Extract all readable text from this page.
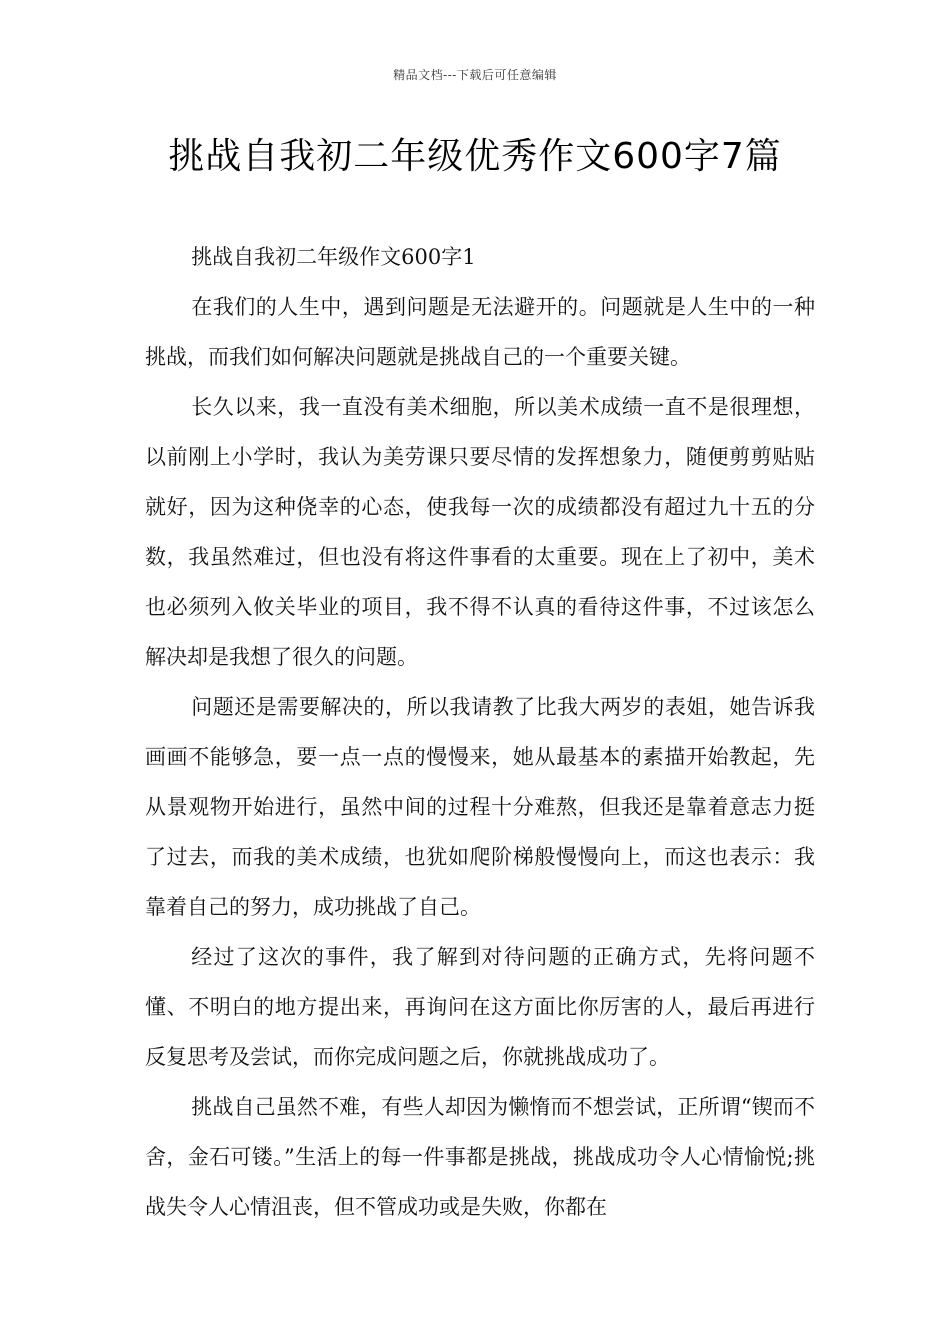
精品文档---下载后可任意编辑
挑战自我初二年级优秀作文600字7篇

挑战自我初二年级作文600字1

在我们的人生中，遇到问题是无法避开的。问题就是人生中的一种挑战，而我们如何解决问题就是挑战自己的一个重要关键。

长久以来，我一直没有美术细胞，所以美术成绩一直不是很理想，以前刚上小学时，我认为美劳课只要尽情的发挥想象力，随便剪剪贴贴就好，因为这种侥幸的心态，使我每一次的成绩都没有超过九十五的分数，我虽然难过，但也没有将这件事看的太重要。现在上了初中，美术也必须列入攸关毕业的项目，我不得不认真的看待这件事，不过该怎么解决却是我想了很久的问题。

问题还是需要解决的，所以我请教了比我大两岁的表姐，她告诉我画画不能够急，要一点一点的慢慢来，她从最基本的素描开始教起，先从景观物开始进行，虽然中间的过程十分难熬，但我还是靠着意志力挺了过去，而我的美术成绩，也犹如爬阶梯般慢慢向上，而这也表示：我靠着自己的努力，成功挑战了自己。

经过了这次的事件，我了解到对待问题的正确方式，先将问题不懂、不明白的地方提出来，再询问在这方面比你厉害的人，最后再进行反复思考及尝试，而你完成问题之后，你就挑战成功了。

挑战自己虽然不难，有些人却因为懒惰而不想尝试，正所谓“锲而不舍，金石可镂。”生活上的每一件事都是挑战，挑战成功令人心情愉悦;挑战失令人心情沮丧，但不管成功或是失败，你都在
